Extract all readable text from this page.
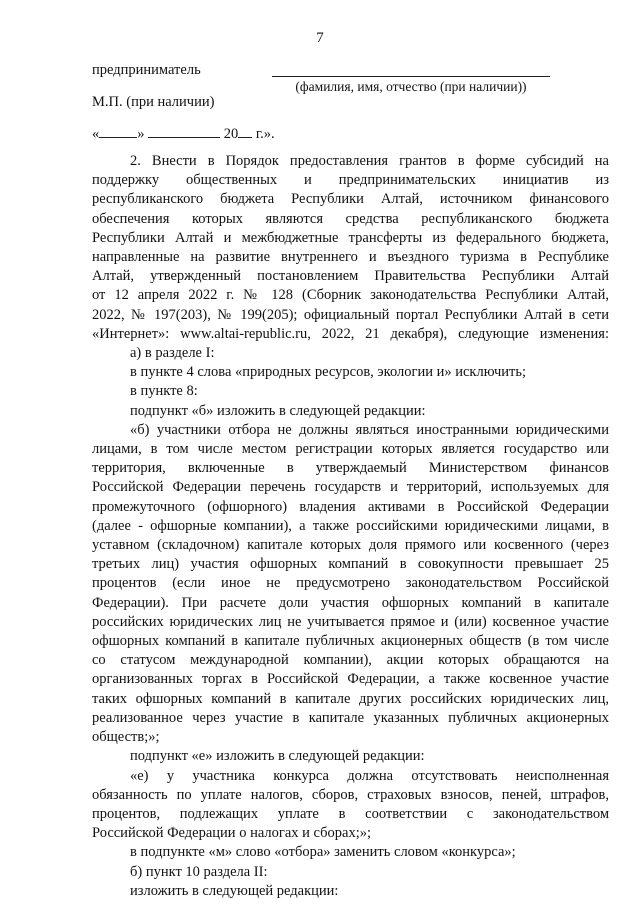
7
предприниматель
(фамилия, имя, отчество (при наличии))
М.П. (при наличии)
«	»	20 г.».

2. Внести в Порядок предоставления грантов в форме субсидий на

поддержку общественных и предпринимательских инициатив из

республиканского бюджета Республики Алтай, источником финансового

обеспечения которых являются средства республиканского бюджета

Республики Алтай и межбюджетные трансферты из федерального бюджета,

направленные на развитие внутреннего и въездного туризма в Республике

Алтай, утвержденный постановлением Правительства Республики Алтай

от 12 апреля 2022 г. № 128 (Сборник законодательства Республики Алтай,

2022, № 197(203), № 199(205); официальный портал Республики Алтай в сети

«Интернет»: www.altai-republic.ru, 2022, 21 декабря), следующие изменения:

а) в разделе I:

в пункте 4 слова «природных ресурсов, экологии и» исключить;

в пункте 8:

подпункт «б» изложить в следующей редакции:

«б) участники отбора не должны являться иностранными юридическими

лицами, в том числе местом регистрации которых является государство или

территория, включенные в утверждаемый Министерством финансов

Российской Федерации перечень государств и территорий, используемых для

промежуточного (офшорного) владения активами в Российской Федерации

(далее - офшорные компании), а также российскими юридическими лицами, в

уставном (складочном) капитале которых доля прямого или косвенного (через

третьих лиц) участия офшорных компаний в совокупности превышает 25

процентов (если иное не предусмотрено законодательством Российской

Федерации). При расчете доли участия офшорных компаний в капитале

российских юридических лиц не учитывается прямое и (или) косвенное участие

офшорных компаний в капитале публичных акционерных обществ (в том числе

со статусом международной компании), акции которых обращаются на

организованных торгах в Российской Федерации, а также косвенное участие

таких офшорных компаний в капитале других российских юридических лиц,

реализованное через участие в капитале указанных публичных акционерных

обществ;»;

подпункт «е» изложить в следующей редакции:

«е) у участника конкурса должна отсутствовать неисполненная

обязанность по уплате налогов, сборов, страховых взносов, пеней, штрафов,

процентов, подлежащих уплате в соответствии с законодательством

Российской Федерации о налогах и сборах;»;

в подпункте «м» слово «отбора» заменить словом «конкурса»;

б) пункт 10 раздела II:

изложить в следующей редакции:
